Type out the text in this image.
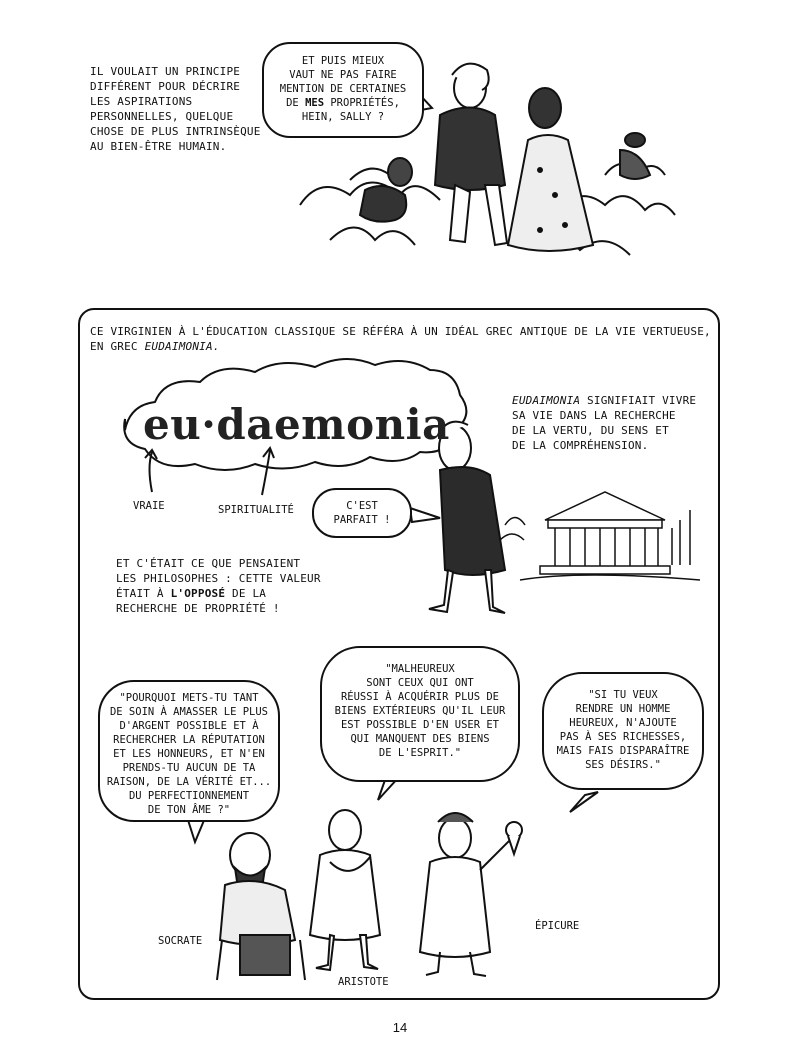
IL VOULAIT UN PRINCIPE
DIFFÉRENT POUR DÉCRIRE
LES ASPIRATIONS
PERSONNELLES, QUELQUE
CHOSE DE PLUS INTRINSÈQUE
AU BIEN-ÊTRE HUMAIN.
ET PUIS MIEUX
VAUT NE PAS FAIRE
MENTION DE CERTAINES
DE MES PROPRIÉTÉS,
HEIN, SALLY ?
CE VIRGINIEN À L'ÉDUCATION CLASSIQUE SE RÉFÉRA À UN IDÉAL GREC ANTIQUE DE LA VIE VERTUEUSE,
EN GREC EUDAIMONIA.
eu·daemonia
VRAIE	SPIRITUALITÉ
EUDAIMONIA SIGNIFIAIT VIVRE
SA VIE DANS LA RECHERCHE
DE LA VERTU, DU SENS ET
DE LA COMPRÉHENSION.
C'EST
PARFAIT !
ET C'ÉTAIT CE QUE PENSAIENT
LES PHILOSOPHES : CETTE VALEUR
ÉTAIT À L'OPPOSÉ DE LA
RECHERCHE DE PROPRIÉTÉ !
"POURQUOI METS-TU TANT
DE SOIN À AMASSER LE PLUS
D'ARGENT POSSIBLE ET À
RECHERCHER LA RÉPUTATION
ET LES HONNEURS, ET N'EN
PRENDS-TU AUCUN DE TA
RAISON, DE LA VÉRITÉ ET...
DU PERFECTIONNEMENT
DE TON ÂME ?"
"MALHEUREUX
SONT CEUX QUI ONT
RÉUSSI À ACQUÉRIR PLUS DE
BIENS EXTÉRIEURS QU'IL LEUR
EST POSSIBLE D'EN USER ET
QUI MANQUENT DES BIENS
DE L'ESPRIT."
"SI TU VEUX
RENDRE UN HOMME
HEUREUX, N'AJOUTE
PAS À SES RICHESSES,
MAIS FAIS DISPARAÎTRE
SES DÉSIRS."
SOCRATE
ARISTOTE
ÉPICURE
14
